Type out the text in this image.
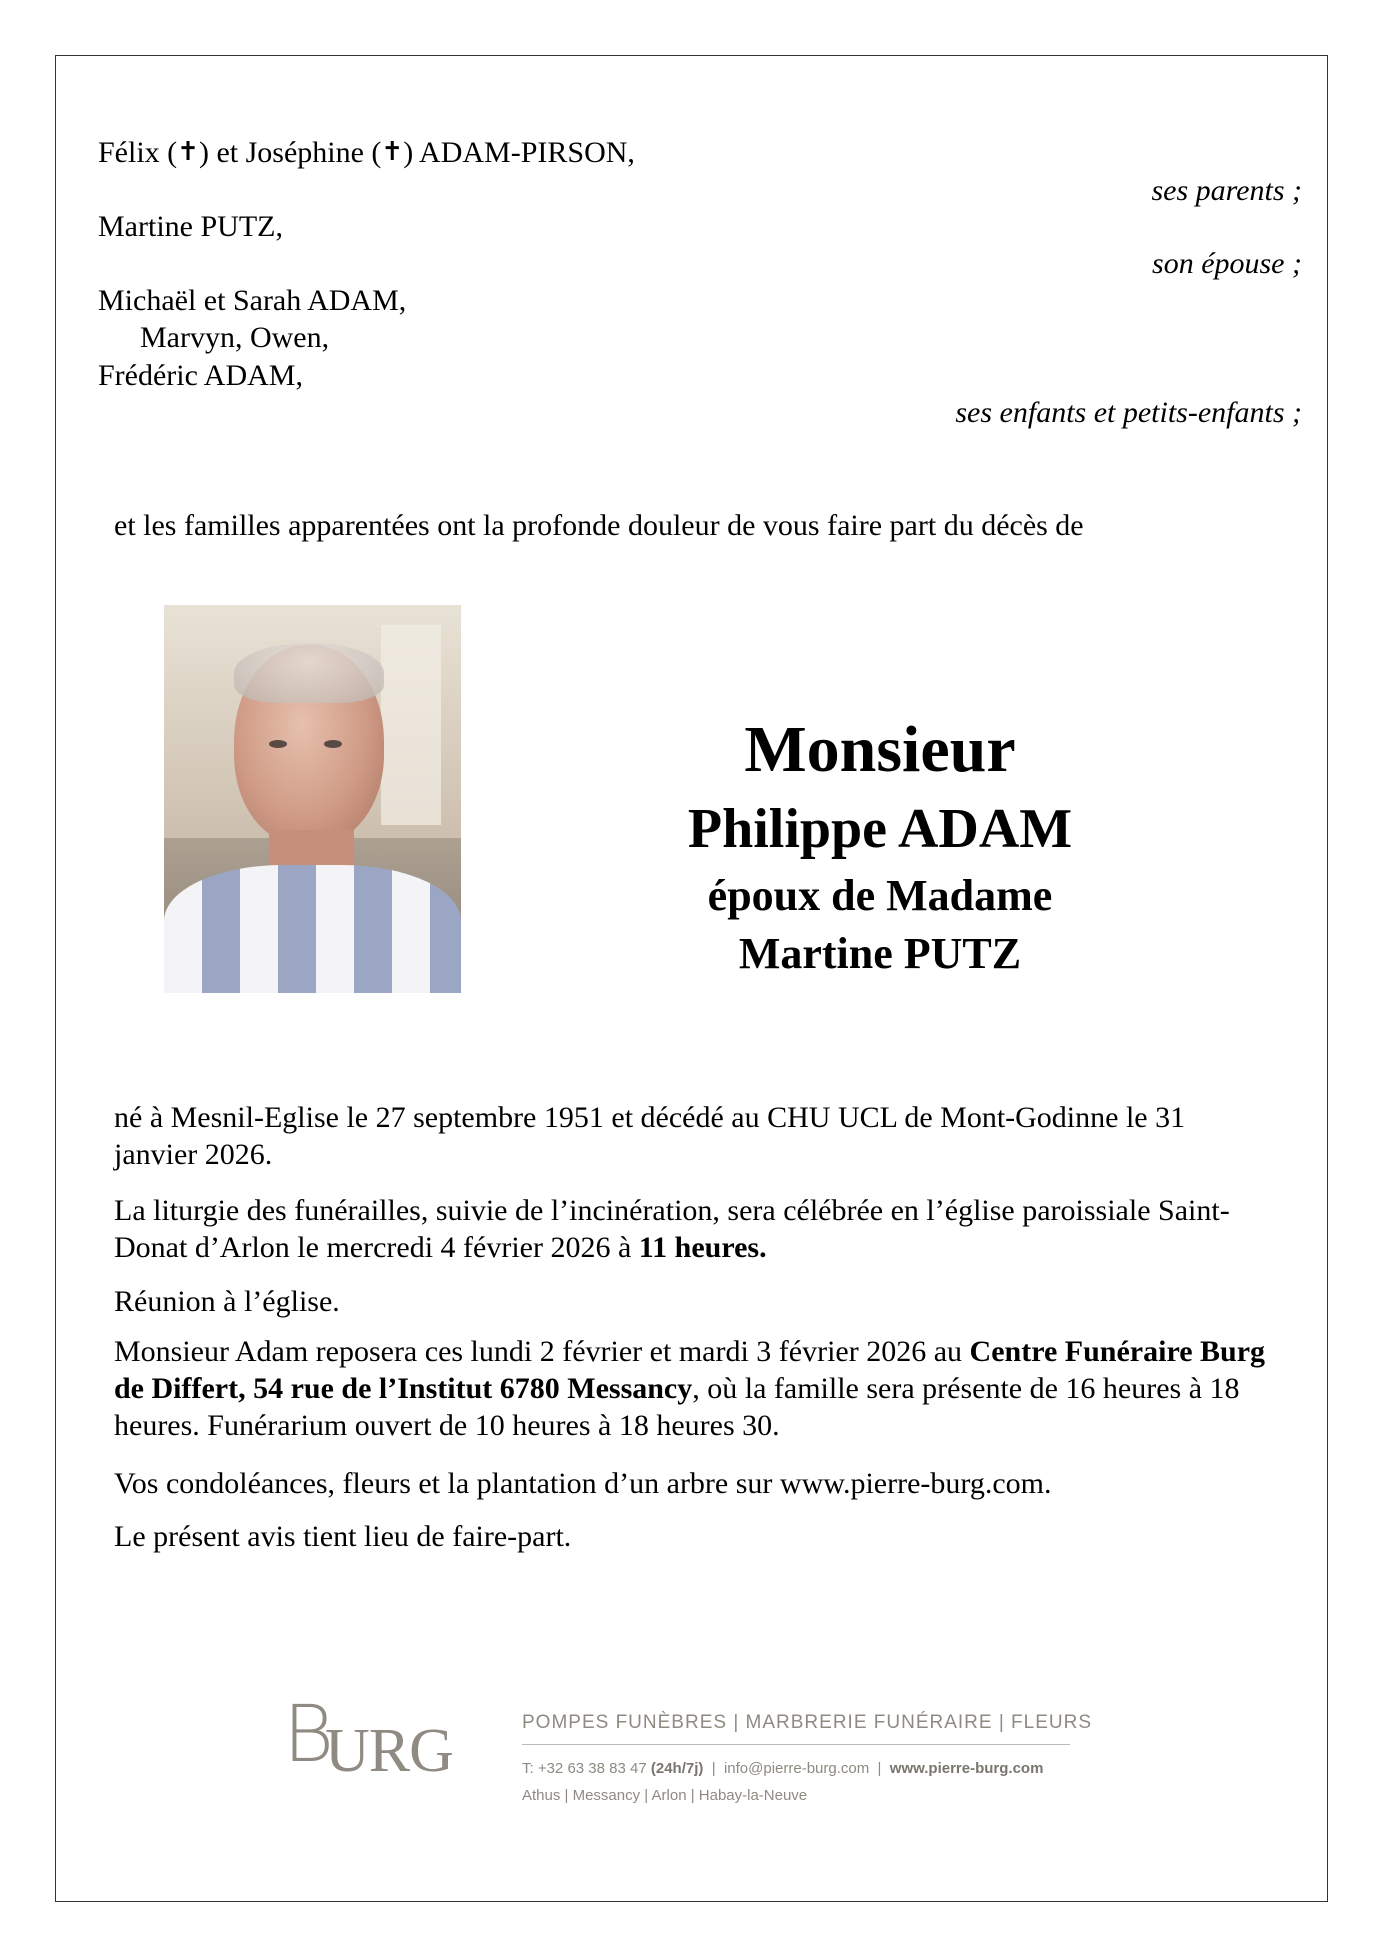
Félix (✝) et Joséphine (✝) ADAM-PIRSON,
ses parents ;
Martine PUTZ,
son épouse ;
Michaël et Sarah ADAM,
Marvyn, Owen,
Frédéric ADAM,
ses enfants et petits-enfants ;
et les familles apparentées ont la profonde douleur de vous faire part du décès de
Monsieur
Philippe ADAM
époux de Madame
Martine PUTZ
né à Mesnil-Eglise le 27 septembre 1951 et décédé au CHU UCL de Mont-Godinne le 31 janvier 2026.
La liturgie des funérailles, suivie de l’incinération, sera célébrée en l’église paroissiale Saint-Donat d’Arlon le mercredi 4 février 2026 à 11 heures.
Réunion à l’église.
Monsieur Adam reposera ces lundi 2 février et mardi 3 février 2026 au Centre Funéraire Burg de Differt, 54 rue de l’Institut 6780 Messancy, où la famille sera présente de 16 heures à 18 heures. Funérarium ouvert de 10 heures à 18 heures 30.
Vos condoléances, fleurs et la plantation d’un arbre sur www.pierre-burg.com.
Le présent avis tient lieu de faire-part.
B
URG	POMPES FUNÈBRES | MARBRERIE FUNÉRAIRE | FLEURS
T: +32 63 38 83 47 (24h/7j)  |  info@pierre-burg.com  |  www.pierre-burg.com
Athus | Messancy | Arlon | Habay-la-Neuve
